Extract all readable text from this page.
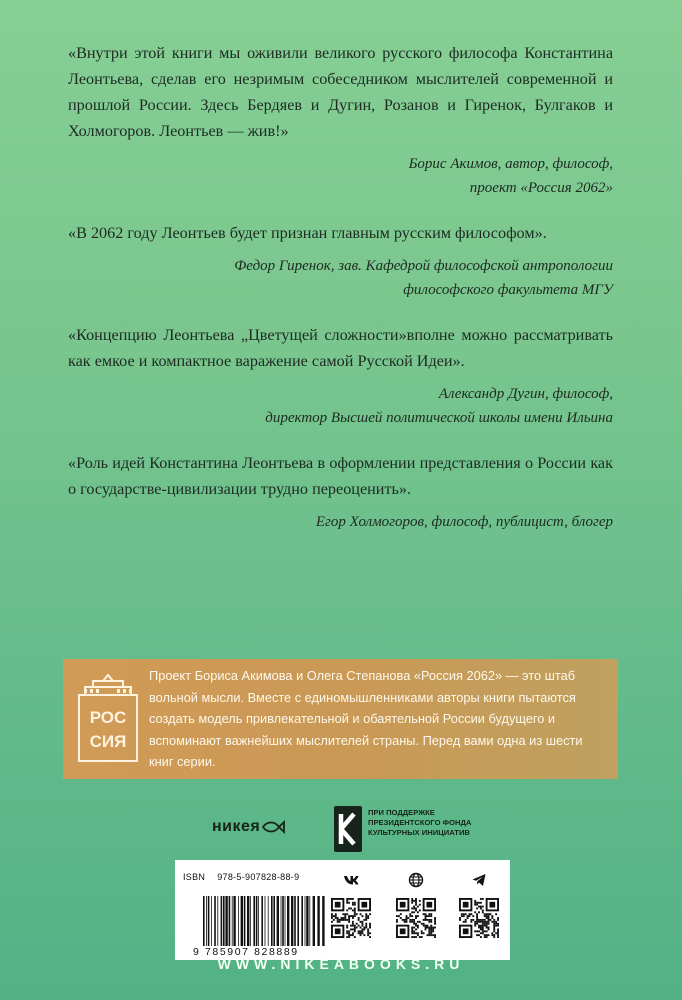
«Внутри этой книги мы оживили великого русского философа Константина Леонтьева, сделав его незримым собеседником мыслителей современной и прошлой России. Здесь Бердяев и Дугин, Розанов и Гиренок, Булгаков и Холмогоров. Леонтьев — жив!»

Борис Акимов, автор, философ,
проект «Россия 2062»

«В 2062 году Леонтьев будет признан главным русским философом».

Федор Гиренок, зав. Кафедрой философской антропологии
философского факультета МГУ

«Концепцию Леонтьева „Цветущей сложности»вполне можно рассматривать как емкое и компактное варажение самой Русской Идеи».

Александр Дугин, философ,
директор Высшей политической школы имени Ильина

«Роль идей Константина Леонтьева в оформлении представления о России как о государстве-цивилизации трудно переоценить».

Егор Холмогоров, философ, публицист, блогер
РОС
СИЯ

Проект Бориса Акимова и Олега Степанова «Россия 2062» — это штаб вольной мысли. Вместе с единомышленниками авторы книги пытаются создать модель привлекательной и обаятельной России будущего и вспоминают важнейших мыслителей страны. Перед вами одна из шести книг серии.

никея
ПРИ ПОДДЕРЖКЕ
ПРЕЗИДЕНТСКОГО ФОНДА
КУЛЬТУРНЫХ ИНИЦИАТИВ
ISBN 978-5-907828-88-9
9 785907 828889
WWW.NIKEABOOKS.RU
